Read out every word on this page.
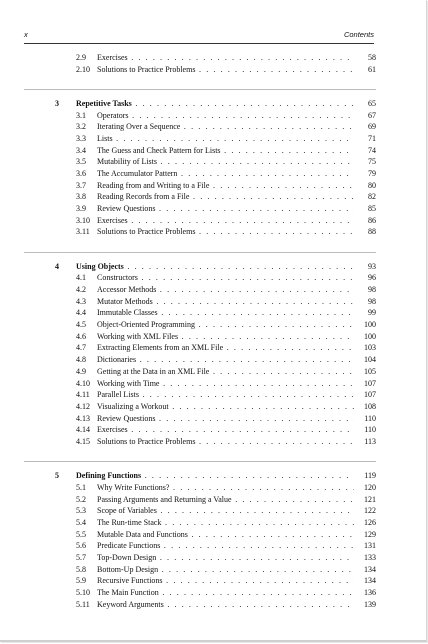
x	Contents
2.9 Exercises . . .	58
2.10 Solutions to Practice Problems . . .	61
3 Repetitive Tasks . . .	65
3.1 Operators . . .	67
3.2 Iterating Over a Sequence . . .	69
3.3 Lists . . .	71
3.4 The Guess and Check Pattern for Lists . . .	74
3.5 Mutability of Lists . . .	75
3.6 The Accumulator Pattern . . .	79
3.7 Reading from and Writing to a File . . .	80
3.8 Reading Records from a File . . .	82
3.9 Review Questions . . .	85
3.10 Exercises . . .	86
3.11 Solutions to Practice Problems . . .	88
4 Using Objects . . .	93
4.1 Constructors . . .	96
4.2 Accessor Methods . . .	98
4.3 Mutator Methods . . .	98
4.4 Immutable Classes . . .	99
4.5 Object-Oriented Programming . . .	100
4.6 Working with XML Files . . .	100
4.7 Extracting Elements from an XML File . . .	103
4.8 Dictionaries . . .	104
4.9 Getting at the Data in an XML File . . .	105
4.10 Working with Time . . .	107
4.11 Parallel Lists . . .	107
4.12 Visualizing a Workout . . .	108
4.13 Review Questions . . .	110
4.14 Exercises . . .	110
4.15 Solutions to Practice Problems . . .	113
5 Defining Functions . . .	119
5.1 Why Write Functions? . . .	120
5.2 Passing Arguments and Returning a Value . . .	121
5.3 Scope of Variables . . .	122
5.4 The Run-time Stack . . .	126
5.5 Mutable Data and Functions . . .	129
5.6 Predicate Functions . . .	131
5.7 Top-Down Design . . .	133
5.8 Bottom-Up Design . . .	134
5.9 Recursive Functions . . .	134
5.10 The Main Function . . .	136
5.11 Keyword Arguments . . .	139
